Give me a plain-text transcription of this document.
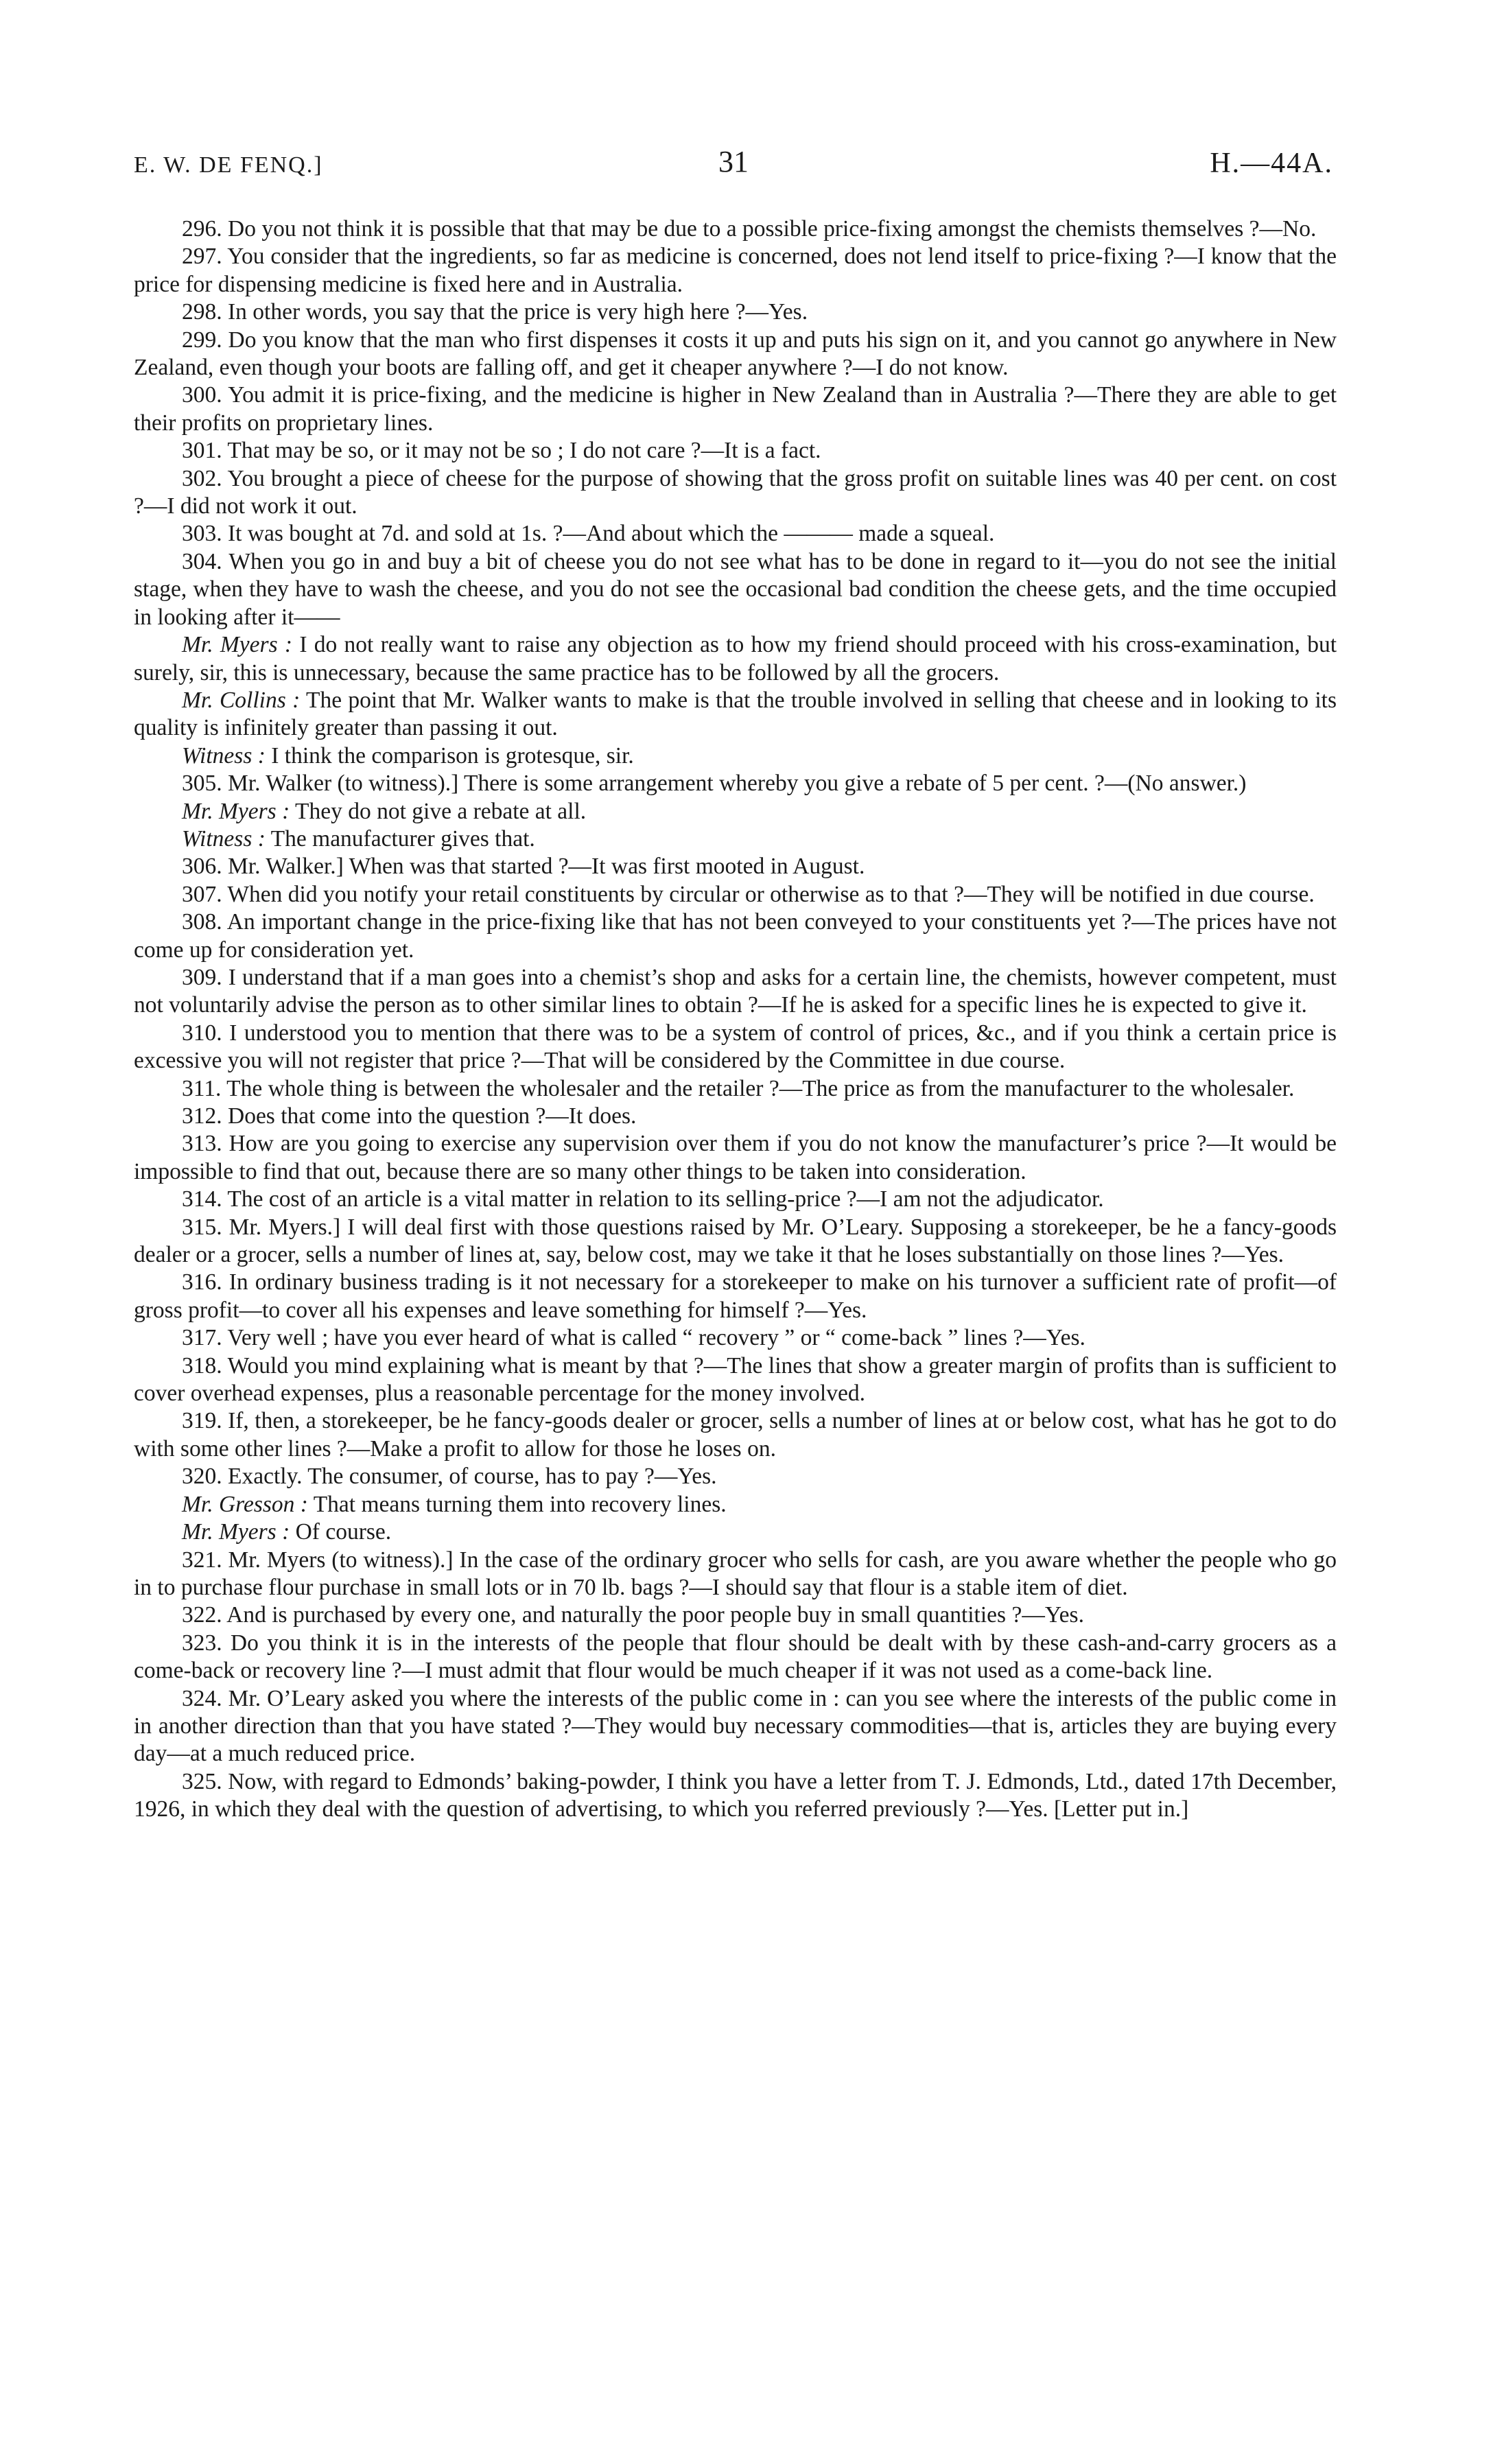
E. W. DE FENQ.]	31	H.—44A.

296. Do you not think it is possible that that may be due to a possible price-fixing amongst the chemists themselves ?—No.

297. You consider that the ingredients, so far as medicine is concerned, does not lend itself to price-fixing ?—I know that the price for dispensing medicine is fixed here and in Australia.

298. In other words, you say that the price is very high here ?—Yes.

299. Do you know that the man who first dispenses it costs it up and puts his sign on it, and you cannot go anywhere in New Zealand, even though your boots are falling off, and get it cheaper anywhere ?—I do not know.

300. You admit it is price-fixing, and the medicine is higher in New Zealand than in Australia ?—There they are able to get their profits on proprietary lines.

301. That may be so, or it may not be so ; I do not care ?—It is a fact.

302. You brought a piece of cheese for the purpose of showing that the gross profit on suitable lines was 40 per cent. on cost ?—I did not work it out.

303. It was bought at 7d. and sold at 1s. ?—And about which the ——— made a squeal.

304. When you go in and buy a bit of cheese you do not see what has to be done in regard to it—you do not see the initial stage, when they have to wash the cheese, and you do not see the occasional bad condition the cheese gets, and the time occupied in looking after it——

Mr. Myers : I do not really want to raise any objection as to how my friend should proceed with his cross-examination, but surely, sir, this is unnecessary, because the same practice has to be followed by all the grocers.

Mr. Collins : The point that Mr. Walker wants to make is that the trouble involved in selling that cheese and in looking to its quality is infinitely greater than passing it out.

Witness : I think the comparison is grotesque, sir.

305. Mr. Walker (to witness).] There is some arrangement whereby you give a rebate of 5 per cent. ?—(No answer.)

Mr. Myers : They do not give a rebate at all.

Witness : The manufacturer gives that.

306. Mr. Walker.] When was that started ?—It was first mooted in August.

307. When did you notify your retail constituents by circular or otherwise as to that ?—They will be notified in due course.

308. An important change in the price-fixing like that has not been conveyed to your constituents yet ?—The prices have not come up for consideration yet.

309. I understand that if a man goes into a chemist’s shop and asks for a certain line, the chemists, however competent, must not voluntarily advise the person as to other similar lines to obtain ?—If he is asked for a specific lines he is expected to give it.

310. I understood you to mention that there was to be a system of control of prices, &c., and if you think a certain price is excessive you will not register that price ?—That will be considered by the Committee in due course.

311. The whole thing is between the wholesaler and the retailer ?—The price as from the manufacturer to the wholesaler.

312. Does that come into the question ?—It does.

313. How are you going to exercise any supervision over them if you do not know the manufacturer’s price ?—It would be impossible to find that out, because there are so many other things to be taken into consideration.

314. The cost of an article is a vital matter in relation to its selling-price ?—I am not the adjudicator.

315. Mr. Myers.] I will deal first with those questions raised by Mr. O’Leary. Supposing a storekeeper, be he a fancy-goods dealer or a grocer, sells a number of lines at, say, below cost, may we take it that he loses substantially on those lines ?—Yes.

316. In ordinary business trading is it not necessary for a storekeeper to make on his turnover a sufficient rate of profit—of gross profit—to cover all his expenses and leave something for himself ?—Yes.

317. Very well ; have you ever heard of what is called “ recovery ” or “ come-back ” lines ?—Yes.

318. Would you mind explaining what is meant by that ?—The lines that show a greater margin of profits than is sufficient to cover overhead expenses, plus a reasonable percentage for the money involved.

319. If, then, a storekeeper, be he fancy-goods dealer or grocer, sells a number of lines at or below cost, what has he got to do with some other lines ?—Make a profit to allow for those he loses on.

320. Exactly. The consumer, of course, has to pay ?—Yes.

Mr. Gresson : That means turning them into recovery lines.

Mr. Myers : Of course.

321. Mr. Myers (to witness).] In the case of the ordinary grocer who sells for cash, are you aware whether the people who go in to purchase flour purchase in small lots or in 70 lb. bags ?—I should say that flour is a stable item of diet.

322. And is purchased by every one, and naturally the poor people buy in small quantities ?—Yes.

323. Do you think it is in the interests of the people that flour should be dealt with by these cash-and-carry grocers as a come-back or recovery line ?—I must admit that flour would be much cheaper if it was not used as a come-back line.

324. Mr. O’Leary asked you where the interests of the public come in : can you see where the interests of the public come in in another direction than that you have stated ?—They would buy necessary commodities—that is, articles they are buying every day—at a much reduced price.

325. Now, with regard to Edmonds’ baking-powder, I think you have a letter from T. J. Edmonds, Ltd., dated 17th December, 1926, in which they deal with the question of advertising, to which you referred previously ?—Yes. [Letter put in.]
